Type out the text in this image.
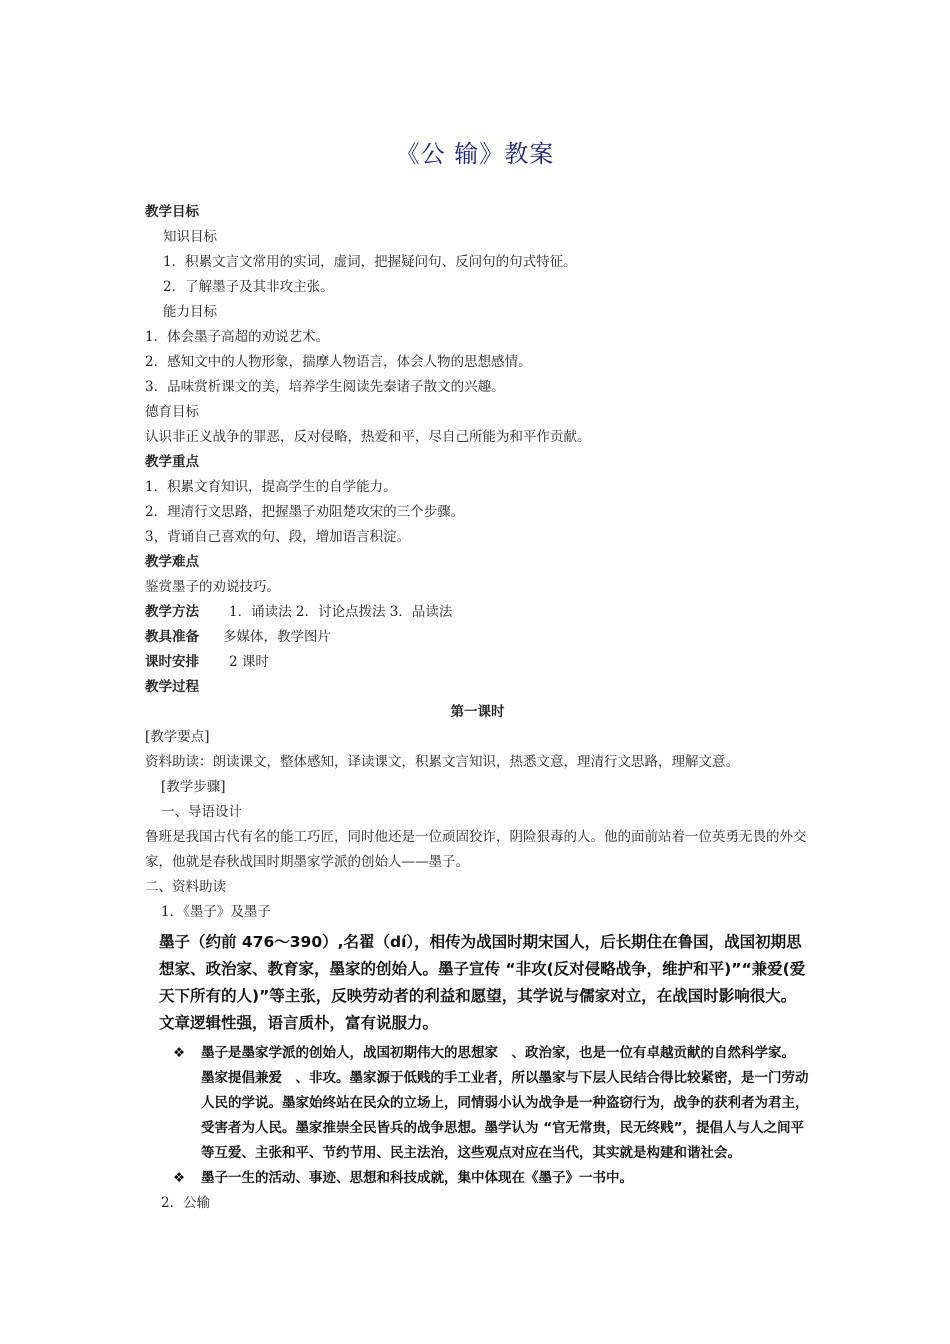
《公 输》教案
教学目标
知识目标
1．积累文言文常用的实词，虚词，把握疑问句、反问句的句式特征。
2．了解墨子及其非攻主张。
能力目标
1．体会墨子高超的劝说艺术。
2．感知文中的人物形象，揣摩人物语言，体会人物的思想感情。
3．品味赏析课文的美，培养学生阅读先秦诸子散文的兴趣。
德育目标
认识非正义战争的罪恶，反对侵略，热爱和平，尽自己所能为和平作贡献。
教学重点
1．积累文育知识，提高学生的自学能力。
2．理清行文思路，把握墨子劝阻楚攻宋的三个步骤。
3，背诵自己喜欢的句、段，增加语言积淀。
教学难点
鉴赏墨子的劝说技巧。
教学方法 1．诵读法 2．讨论点拨法 3．品读法
教具准备 多媒体，教学图片
课时安排 2 课时
教学过程
第一课时
[教学要点]
资料助读：朗读课文，整体感知，译读课文，积累文言知识，热悉文意，理清行文思路，理解文意。
[教学步骤]
一、导语设计
鲁班是我国古代有名的能工巧匠，同时他还是一位顽固狡诈，阴险狠毒的人。他的面前站着一位英勇无畏的外交家，他就是春秋战国时期墨家学派的创始人——墨子。
二、资料助读
1．《墨子》及墨子
墨子（约前 476～390）,名翟（dí），相传为战国时期宋国人，后长期住在鲁国，战国初期思想家、政治家、教育家，墨家的创始人。墨子宣传 “非攻(反对侵略战争，维护和平)”“兼爱(爱天下所有的人)”等主张，反映劳动者的利益和愿望，其学说与儒家对立，在战国时影响很大。文章逻辑性强，语言质朴，富有说服力。
❖ 墨子是墨家学派的创始人，战国初期伟大的思想家　、政治家，也是一位有卓越贡献的自然科学家。　墨家提倡兼爱　、非攻。墨家源于低贱的手工业者，所以墨家与下层人民结合得比较紧密，是一门劳动人民的学说。墨家始终站在民众的立场上，同情弱小认为战争是一种盗窃行为，战争的获利者为君主，受害者为人民。墨家推崇全民皆兵的战争思想。墨学认为 “官无常贵，民无终贱”，提倡人与人之间平等互爱、主张和平、节约节用、民主法治，这些观点对应在当代，其实就是构建和谐社会。
❖ 墨子一生的活动、事迹、思想和科技成就，集中体现在《墨子》一书中。
2．公输
